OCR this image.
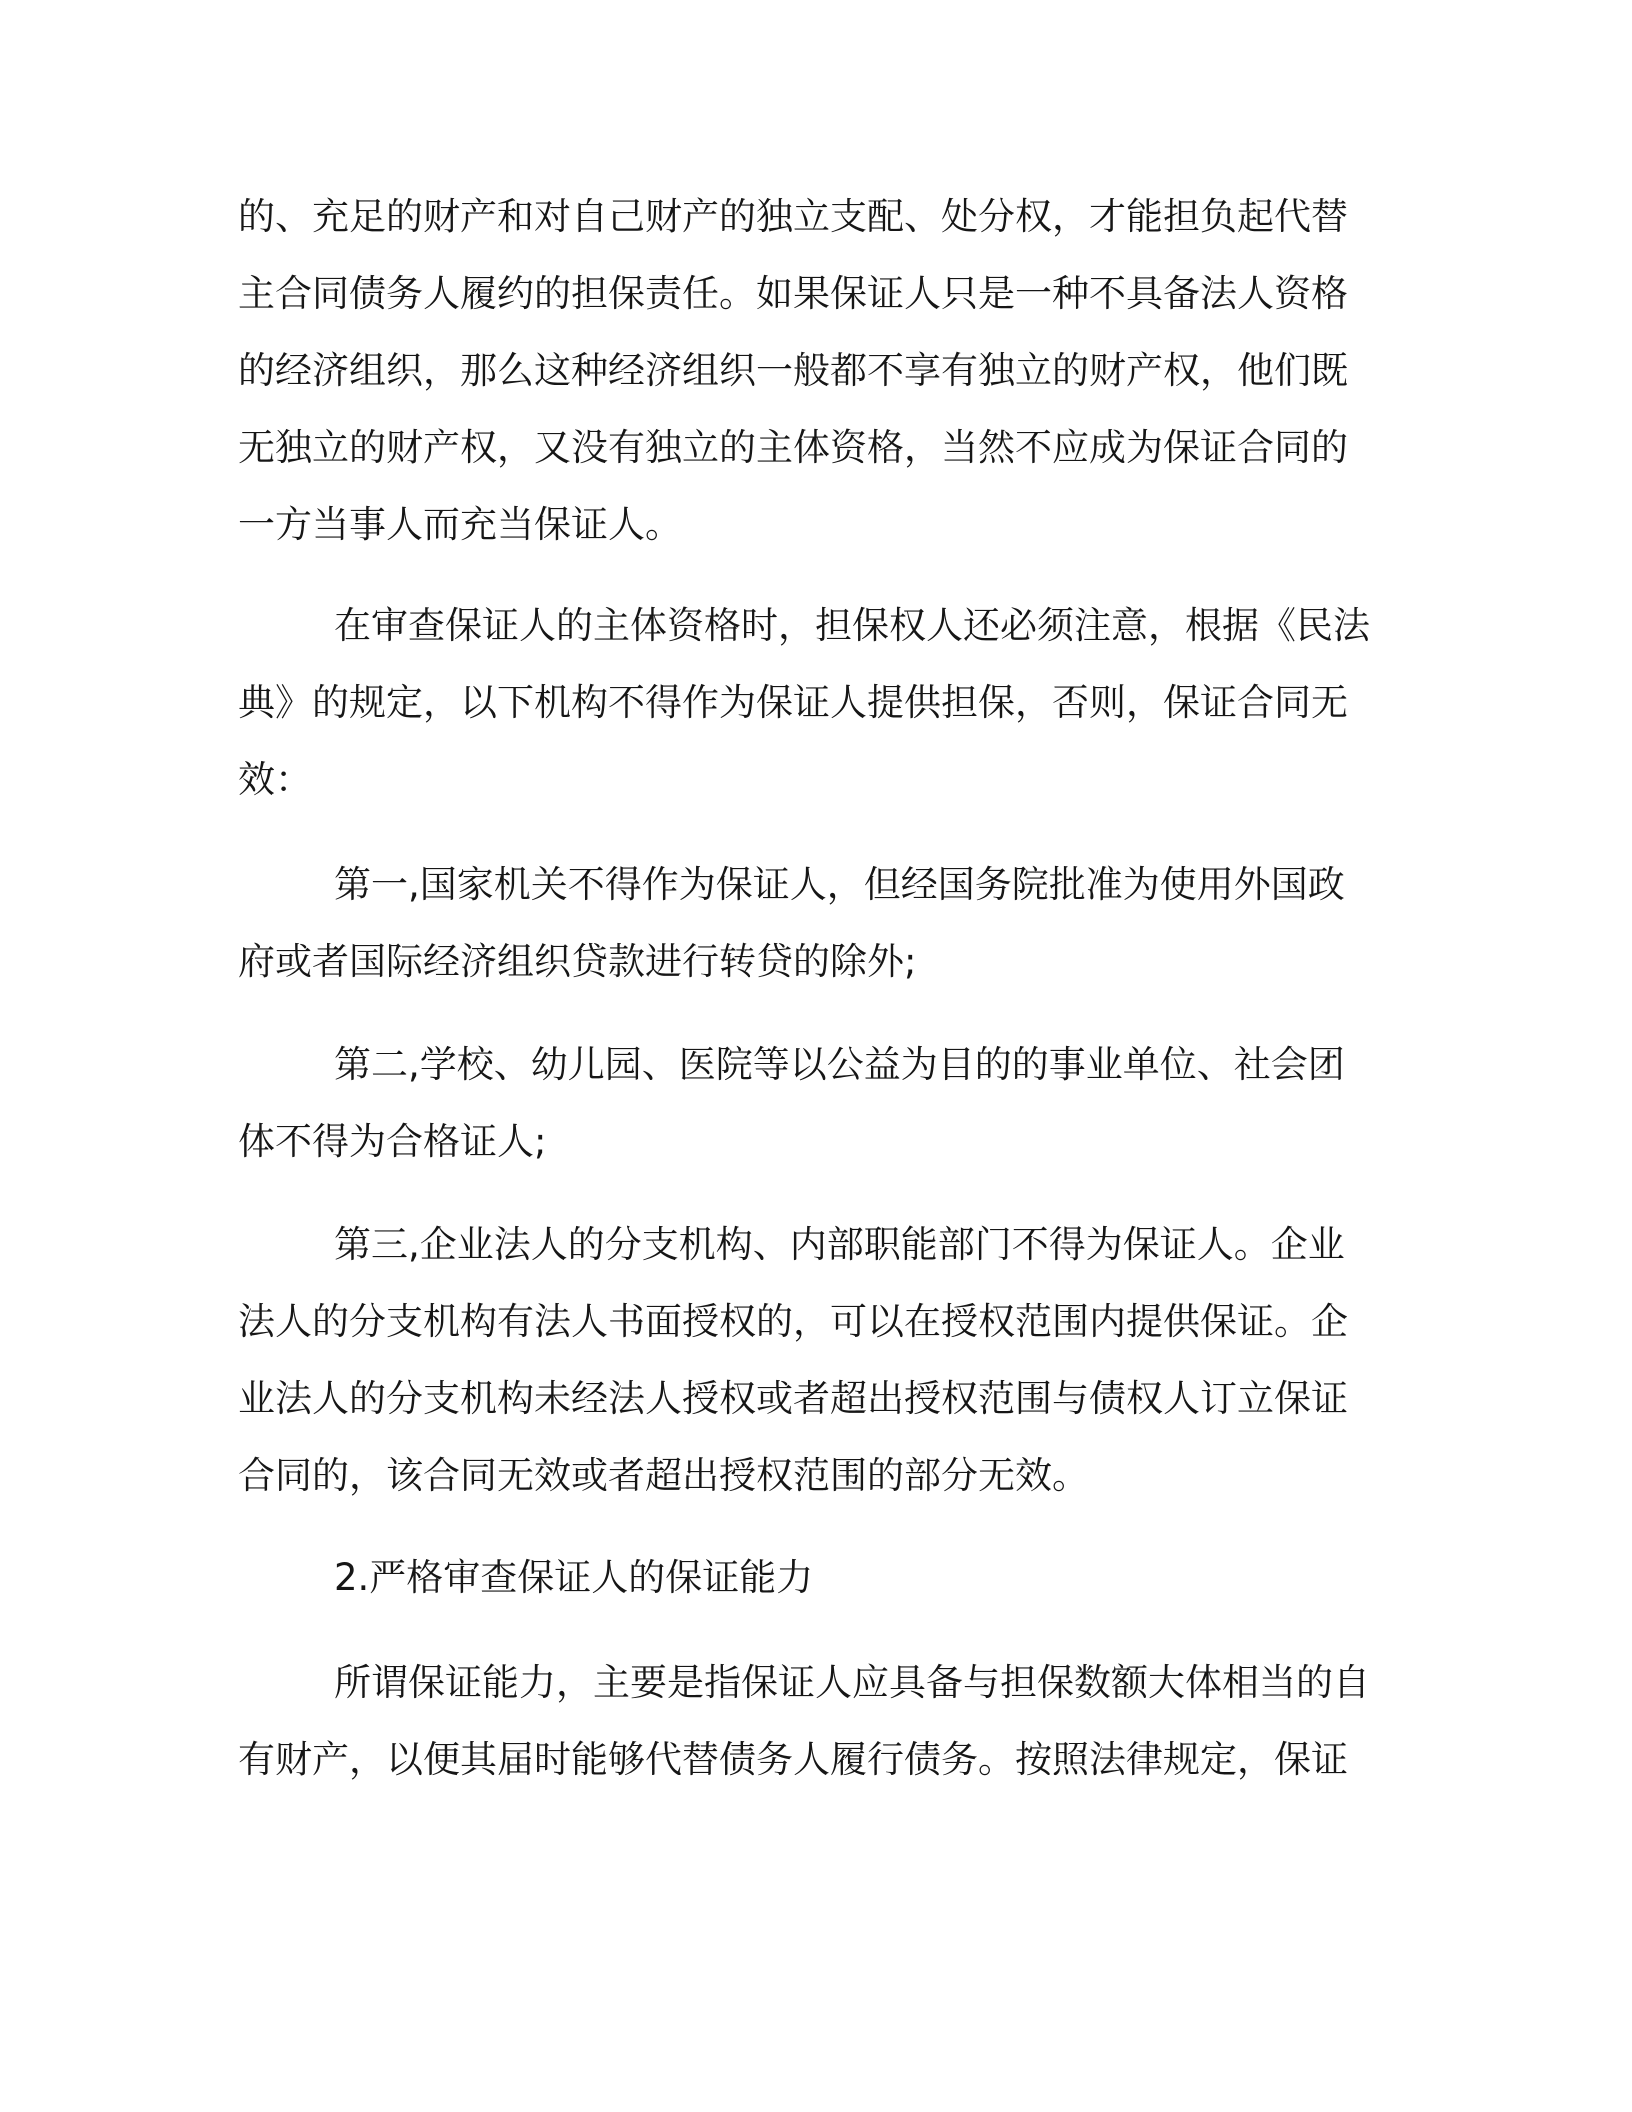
的、充足的财产和对自己财产的独立支配、处分权，才能担负起代替
主合同债务人履约的担保责任。如果保证人只是一种不具备法人资格
的经济组织，那么这种经济组织一般都不享有独立的财产权，他们既
无独立的财产权，又没有独立的主体资格，当然不应成为保证合同的
一方当事人而充当保证人。
在审查保证人的主体资格时，担保权人还必须注意，根据《民法
典》的规定，以下机构不得作为保证人提供担保，否则，保证合同无
效：
第一,国家机关不得作为保证人，但经国务院批准为使用外国政
府或者国际经济组织贷款进行转贷的除外;
第二,学校、幼儿园、医院等以公益为目的的事业单位、社会团
体不得为合格证人;
第三,企业法人的分支机构、内部职能部门不得为保证人。企业
法人的分支机构有法人书面授权的，可以在授权范围内提供保证。企
业法人的分支机构未经法人授权或者超出授权范围与债权人订立保证
合同的，该合同无效或者超出授权范围的部分无效。
2.严格审查保证人的保证能力
所谓保证能力，主要是指保证人应具备与担保数额大体相当的自
有财产，以便其届时能够代替债务人履行债务。按照法律规定，保证
